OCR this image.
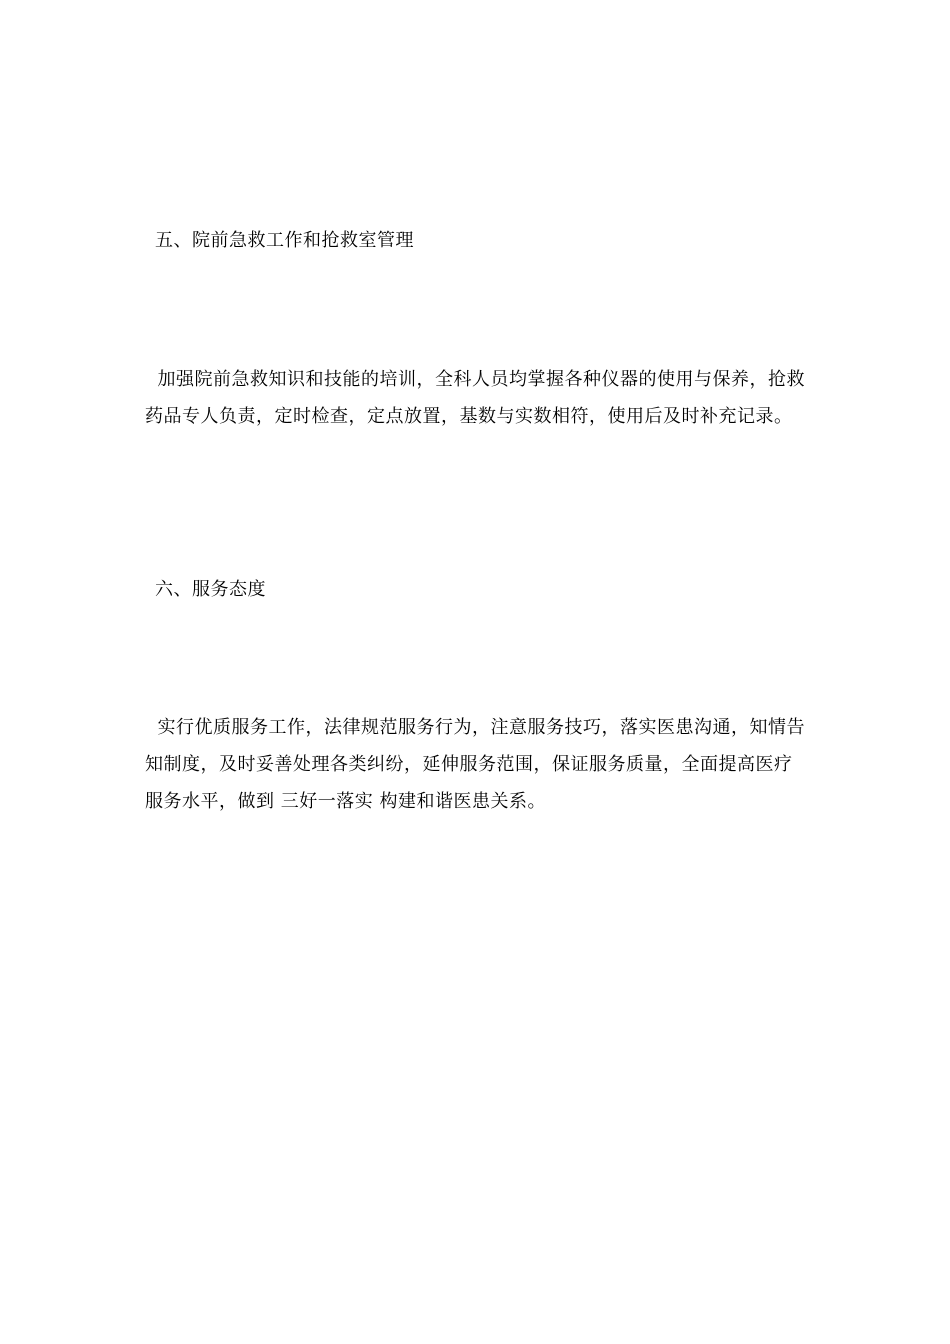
五、院前急救工作和抢救室管理
加强院前急救知识和技能的培训，全科人员均掌握各种仪器的使用与保养，抢救药品专人负责，定时检查，定点放置，基数与实数相符，使用后及时补充记录。
六、服务态度
实行优质服务工作，法律规范服务行为，注意服务技巧，落实医患沟通，知情告知制度，及时妥善处理各类纠纷，延伸服务范围，保证服务质量，全面提高医疗服务水平，做到 三好一落实 构建和谐医患关系。
